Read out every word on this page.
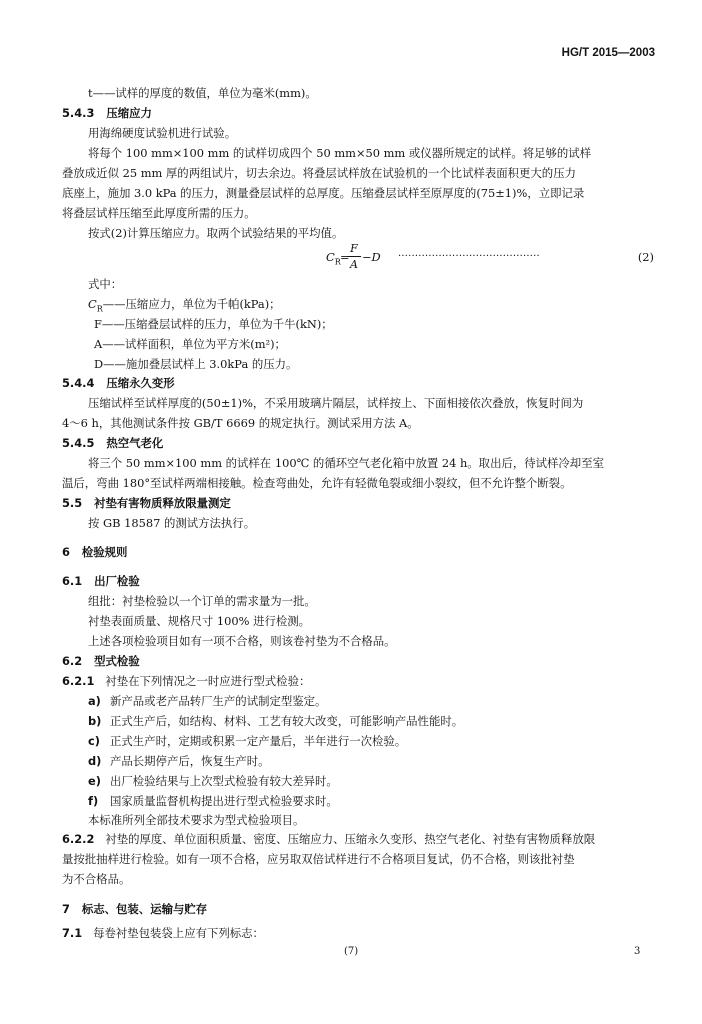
HG/T 2015—2003
t——试样的厚度的数值，单位为毫米(mm)。
5.4.3 压缩应力
用海绵硬度试验机进行试验。
将每个 100 mm×100 mm 的试样切成四个 50 mm×50 mm 或仪器所规定的试样。将足够的试样
叠放成近似 25 mm 厚的两组试片，切去余边。将叠层试样放在试验机的一个比试样表面积更大的压力
底座上，施加 3.0 kPa 的压力，测量叠层试样的总厚度。压缩叠层试样至原厚度的(75±1)%，立即记录
将叠层试样压缩至此厚度所需的压力。
按式(2)计算压缩应力。取两个试验结果的平均值。
$C_R$ =
F
A
−D ··········································	(2)
式中：
$C_R——$压缩应力，单位为千帕(kPa)；
F——压缩叠层试样的压力，单位为千牛(kN)；
A——试样面积，单位为平方米(m²)；
D——施加叠层试样上 3.0kPa 的压力。
5.4.4 压缩永久变形
压缩试样至试样厚度的(50±1)%，不采用玻璃片隔层，试样按上、下面相接依次叠放，恢复时间为
4～6 h，其他测试条件按 GB/T 6669 的规定执行。测试采用方法 A。
5.4.5 热空气老化
将三个 50 mm×100 mm 的试样在 100℃ 的循环空气老化箱中放置 24 h。取出后，待试样冷却至室
温后，弯曲 180°至试样两端相接触。检查弯曲处，允许有轻微龟裂或细小裂纹，但不允许整个断裂。
5.5 衬垫有害物质释放限量测定
按 GB 18587 的测试方法执行。
6 检验规则
6.1 出厂检验
组批：衬垫检验以一个订单的需求量为一批。
衬垫表面质量、规格尺寸 100% 进行检测。
上述各项检验项目如有一项不合格，则该卷衬垫为不合格品。
6.2 型式检验
6.2.1 衬垫在下列情况之一时应进行型式检验：
a) 新产品或老产品转厂生产的试制定型鉴定。
b) 正式生产后，如结构、材料、工艺有较大改变，可能影响产品性能时。
c) 正式生产时，定期或积累一定产量后，半年进行一次检验。
d) 产品长期停产后，恢复生产时。
e) 出厂检验结果与上次型式检验有较大差异时。
f) 国家质量监督机构提出进行型式检验要求时。
本标准所列全部技术要求为型式检验项目。
6.2.2 衬垫的厚度、单位面积质量、密度、压缩应力、压缩永久变形、热空气老化、衬垫有害物质释放限
量按批抽样进行检验。如有一项不合格，应另取双倍试样进行不合格项目复试，仍不合格，则该批衬垫
为不合格品。
7 标志、包装、运输与贮存
7.1 每卷衬垫包装袋上应有下列标志：
(7)	3
